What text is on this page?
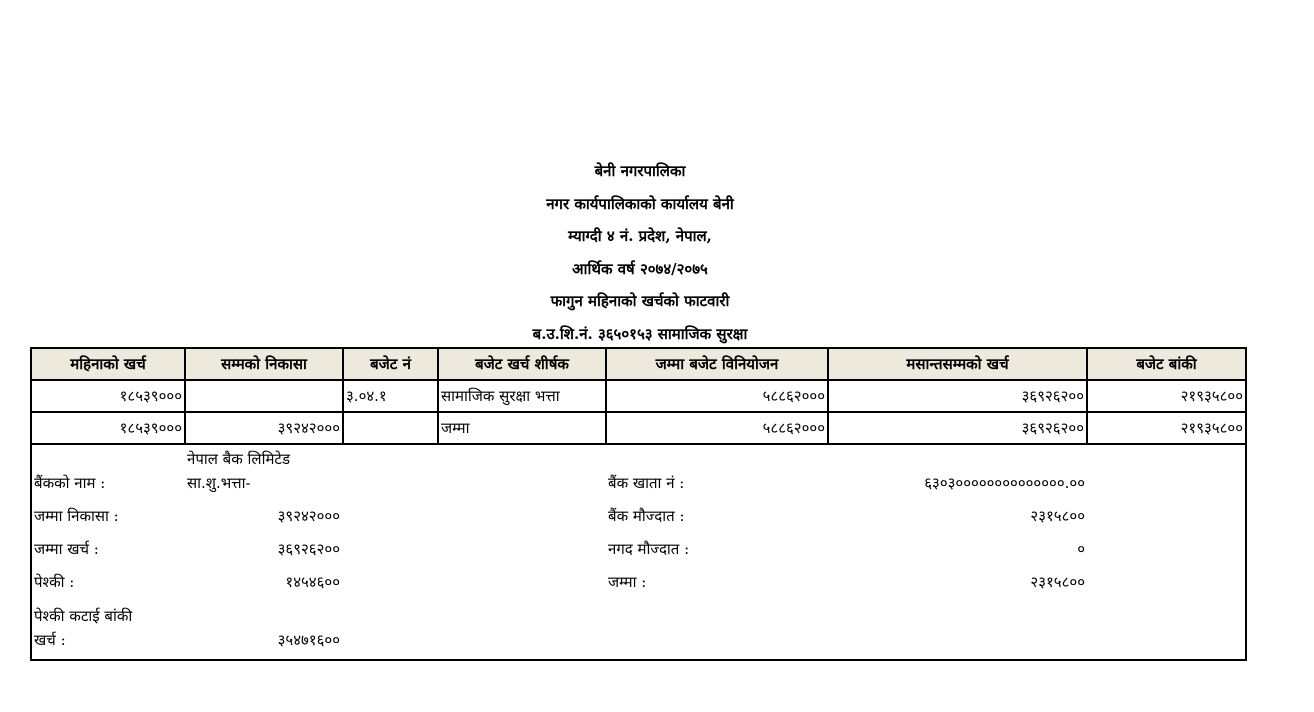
बेनी नगरपालिका
नगर कार्यपालिकाको कार्यालय बेनी
म्याग्दी ४ नं. प्रदेश, नेपाल,
आर्थिक वर्ष २०७४/२०७५
फागुन महिनाको खर्चको फाटवारी
ब.उ.शि.नं. ३६५०१५३ सामाजिक सुरक्षा
महिनाको खर्च	सम्मको निकासा	बजेट नं	बजेट खर्च शीर्षक	जम्मा बजेट विनियोजन	मसान्तसम्मको खर्च	बजेट बांकी
१८५३९०००		३.०४.१	सामाजिक सुरक्षा भत्ता	५८८६२०००	३६९२६२००	२१९३५८००
१८५३९०००	३९२४२०००		जम्मा	५८८६२०००	३६९२६२००	२१९३५८००
बैंकको नाम :
नेपाल बैक लिमिटेड
सा.शु.भत्ता-	बैंक खाता नं :	६३०३००००००००००००००.००
जम्मा निकासा :	३९२४२०००	बैंक मौज्दात :	२३१५८००
जम्मा खर्च :	३६९२६२००	नगद मौज्दात :	०
पेश्की :	१४५४६००	जम्मा :	२३१५८००
पेश्की कटाई बांकी
खर्च :	३५४७१६००
